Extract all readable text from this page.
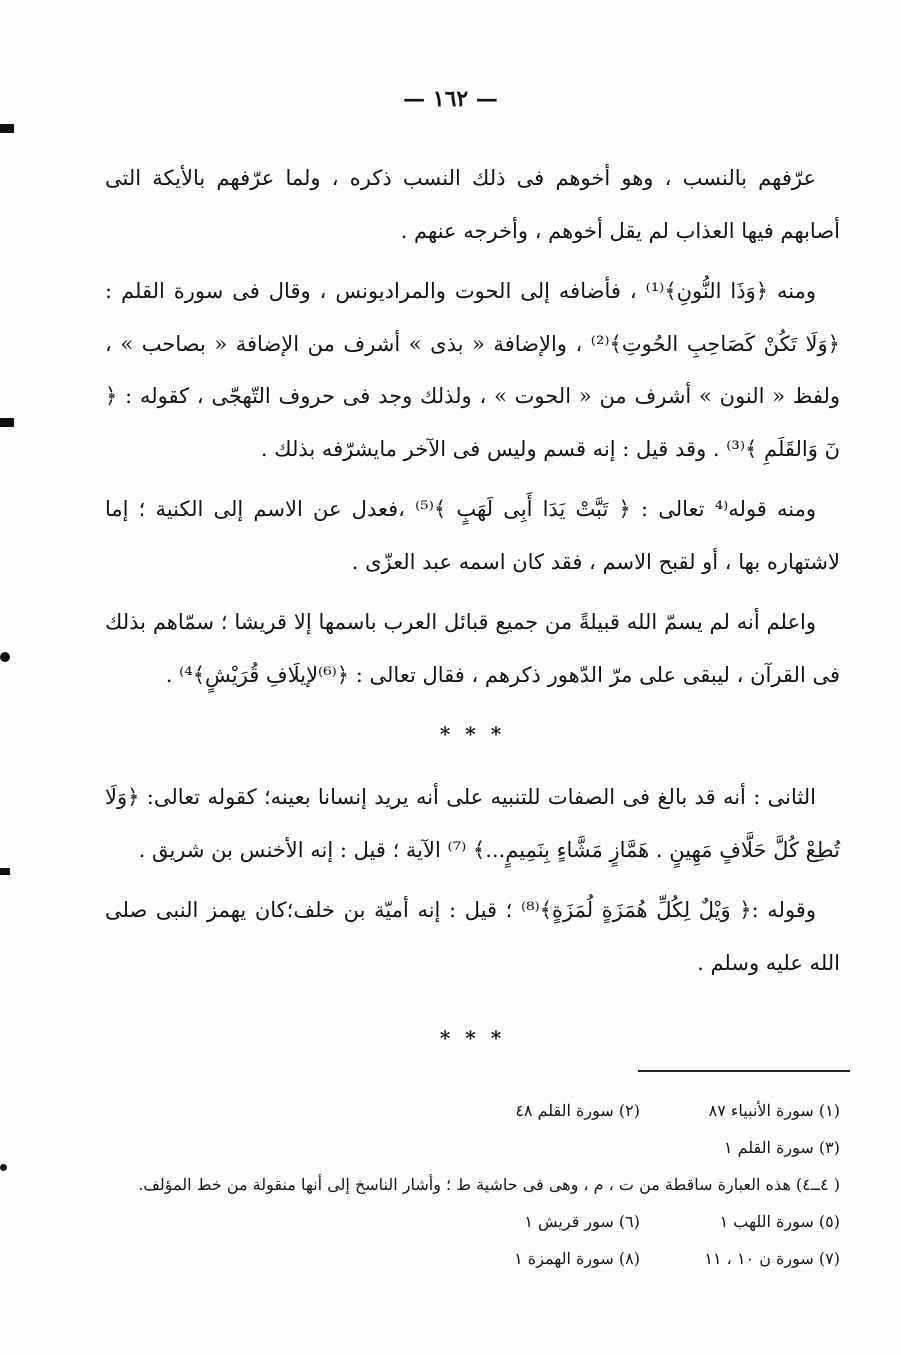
— ١٦٢ —

عرّفهم بالنسب ، وهو أخوهم فى ذلك النسب ذكره ، ولما عرّفهم بالأيكة التى أصابهم فيها العذاب لم يقل أخوهم ، وأخرجه عنهم .

ومنه ﴿وَذَا النُّونِ﴾⁽¹⁾ ، فأضافه إلى الحوت والمراديونس ، وقال فى سورة القلم : ﴿وَلَا تَكُنْ كَصَاحِبِ الحُوتِ﴾⁽²⁾ ، والإضافة « بذى » أشرف من الإضافة « بصاحب » ، ولفظ « النون » أشرف من « الحوت » ، ولذلك وجد فى حروف التّهجّى ، كقوله : ﴿ نٓ وَالقَلَمِ ﴾⁽³⁾ . وقد قيل : إنه قسم وليس فى الآخر مايشرّفه بذلك .

ومنه قوله⁽⁴ تعالى : ﴿ تَبَّتْ يَدَا أَبِى لَهَبٍ ﴾⁽⁵⁾ ،فعدل عن الاسم إلى الكنية ؛ إما لاشتهاره بها ، أو لقبح الاسم ، فقد كان اسمه عبد العزّى .

واعلم أنه لم يسمّ الله قبيلةً من جميع قبائل العرب باسمها إلا قريشا ؛ سمّاهم بذلك فى القرآن ، ليبقى على مرّ الدّهور ذكرهم ، فقال تعالى : ﴿⁽⁶⁾لإيلَافِ قُرَيْشٍ﴾⁴⁾ .

* * *

الثانى : أنه قد بالغ فى الصفات للتنبيه على أنه يريد إنسانا بعينه؛ كقوله تعالى: ﴿وَلَا تُطِعْ كُلَّ حَلَّافٍ مَهِينٍ . هَمَّازٍ مَشَّاءٍ بِنَمِيمٍ...﴾ ⁽⁷⁾ الآية ؛ قيل : إنه الأخنس بن شريق .

وقوله :﴿ وَيْلٌ لِكُلِّ هُمَزَةٍ لُمَزَةٍ﴾⁽⁸⁾ ؛ قيل : إنه أميّة بن خلف؛كان يهمز النبى صلى الله عليه وسلم .

* * *
(١) سورة الأنبياء ٨٧
(٢) سورة القلم ٤٨
(٣) سورة القلم ١
( ٤ــ٤) هذه العبارة ساقطة من ت ، م ، وهى فى حاشية ط ؛ وأشار الناسخ إلى أنها منقولة من خط المؤلف.
(٥) سورة اللهب ١
(٦) سور قريش ١
(٧) سورة ن ١٠ ، ١١
(٨) سورة الهمزة ١
